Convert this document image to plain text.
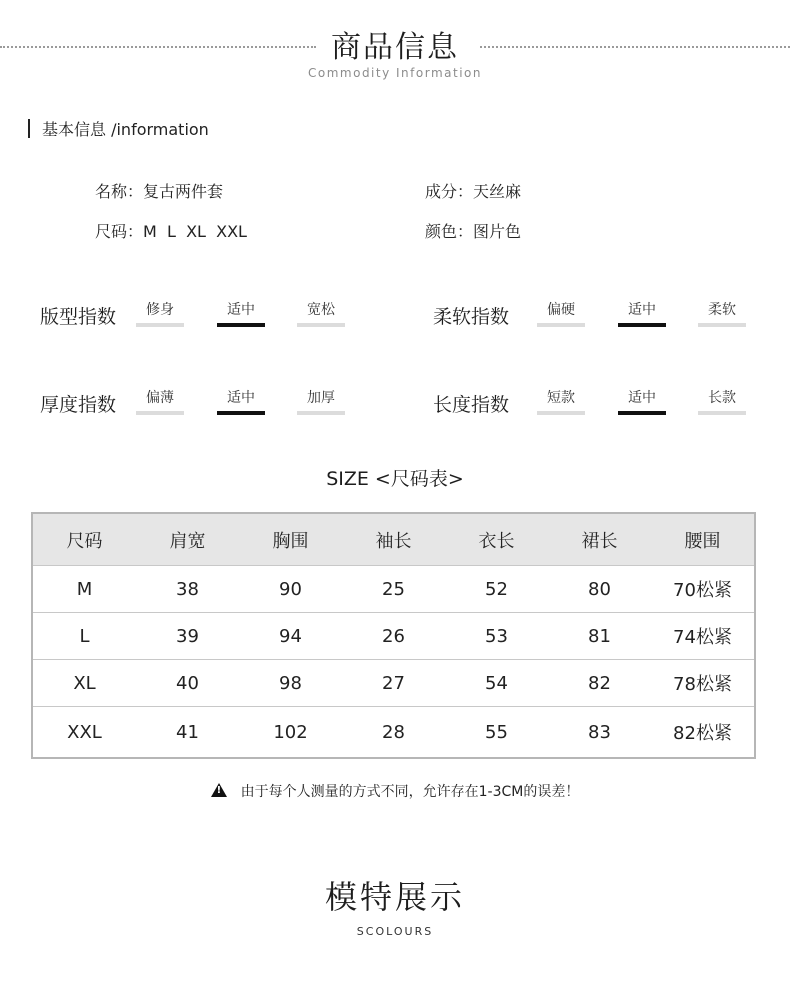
商品信息
Commodity Information
基本信息 /information
名称：复古两件套	成分：天丝麻
尺码：M  L  XL  XXL	颜色：图片色
版型指数	修身	适中	宽松	柔软指数	偏硬	适中	柔软
厚度指数	偏薄	适中	加厚	长度指数	短款	适中	长款
SIZE <尺码表>
尺码	肩宽	胸围	袖长	衣长	裙长	腰围
M	38	90	25	52	80	70松紧
L	39	94	26	53	81	74松紧
XL	40	98	27	54	82	78松紧
XXL	41	102	28	55	83	82松紧
!由于每个人测量的方式不同，允许存在1-3CM的误差！
模特展示
SCOLOURS
